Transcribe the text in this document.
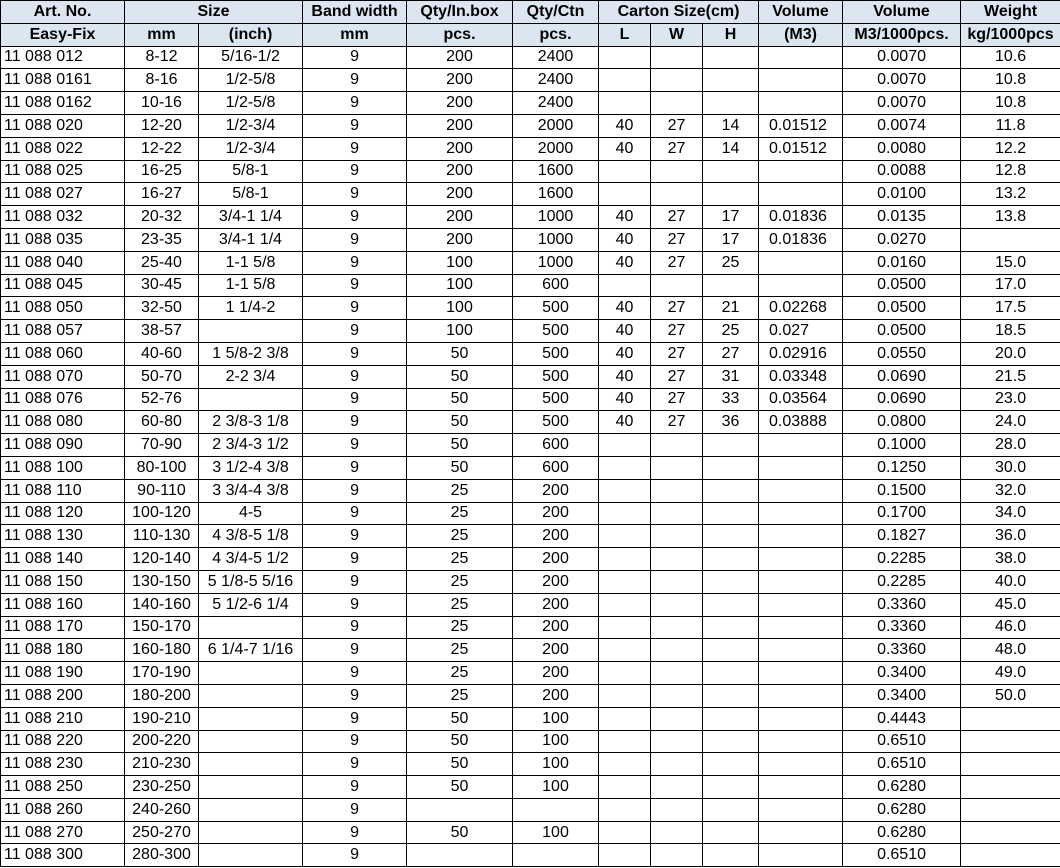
Art. No.	Size		Band width	Qty/In.box	Qty/Ctn	Carton Size(cm)			Volume	Volume	Weight
Easy-Fix	mm	(inch)	mm	pcs.	pcs.	L	W	H	(M3)	M3/1000pcs.	kg/1000pcs
11 088 012	8-12	5/16-1/2	9	200	2400					0.0070	10.6
11 088 0161	8-16	1/2-5/8	9	200	2400					0.0070	10.8
11 088 0162	10-16	1/2-5/8	9	200	2400					0.0070	10.8
11 088 020	12-20	1/2-3/4	9	200	2000	40	27	14	0.01512	0.0074	11.8
11 088 022	12-22	1/2-3/4	9	200	2000	40	27	14	0.01512	0.0080	12.2
11 088 025	16-25	5/8-1	9	200	1600					0.0088	12.8
11 088 027	16-27	5/8-1	9	200	1600					0.0100	13.2
11 088 032	20-32	3/4-1 1/4	9	200	1000	40	27	17	0.01836	0.0135	13.8
11 088 035	23-35	3/4-1 1/4	9	200	1000	40	27	17	0.01836	0.0270	
11 088 040	25-40	1-1 5/8	9	100	1000	40	27	25		0.0160	15.0
11 088 045	30-45	1-1 5/8	9	100	600					0.0500	17.0
11 088 050	32-50	1 1/4-2	9	100	500	40	27	21	0.02268	0.0500	17.5
11 088 057	38-57		9	100	500	40	27	25	0.027	0.0500	18.5
11 088 060	40-60	1 5/8-2 3/8	9	50	500	40	27	27	0.02916	0.0550	20.0
11 088 070	50-70	2-2 3/4	9	50	500	40	27	31	0.03348	0.0690	21.5
11 088 076	52-76		9	50	500	40	27	33	0.03564	0.0690	23.0
11 088 080	60-80	2 3/8-3 1/8	9	50	500	40	27	36	0.03888	0.0800	24.0
11 088 090	70-90	2 3/4-3 1/2	9	50	600					0.1000	28.0
11 088 100	80-100	3 1/2-4 3/8	9	50	600					0.1250	30.0
11 088 110	90-110	3 3/4-4 3/8	9	25	200					0.1500	32.0
11 088 120	100-120	4-5	9	25	200					0.1700	34.0
11 088 130	110-130	4 3/8-5 1/8	9	25	200					0.1827	36.0
11 088 140	120-140	4 3/4-5 1/2	9	25	200					0.2285	38.0
11 088 150	130-150	5 1/8-5 5/16	9	25	200					0.2285	40.0
11 088 160	140-160	5 1/2-6 1/4	9	25	200					0.3360	45.0
11 088 170	150-170		9	25	200					0.3360	46.0
11 088 180	160-180	6 1/4-7 1/16	9	25	200					0.3360	48.0
11 088 190	170-190		9	25	200					0.3400	49.0
11 088 200	180-200		9	25	200					0.3400	50.0
11 088 210	190-210		9	50	100					0.4443	
11 088 220	200-220		9	50	100					0.6510	
11 088 230	210-230		9	50	100					0.6510	
11 088 250	230-250		9	50	100					0.6280	
11 088 260	240-260		9							0.6280	
11 088 270	250-270		9	50	100					0.6280	
11 088 300	280-300		9							0.6510	
